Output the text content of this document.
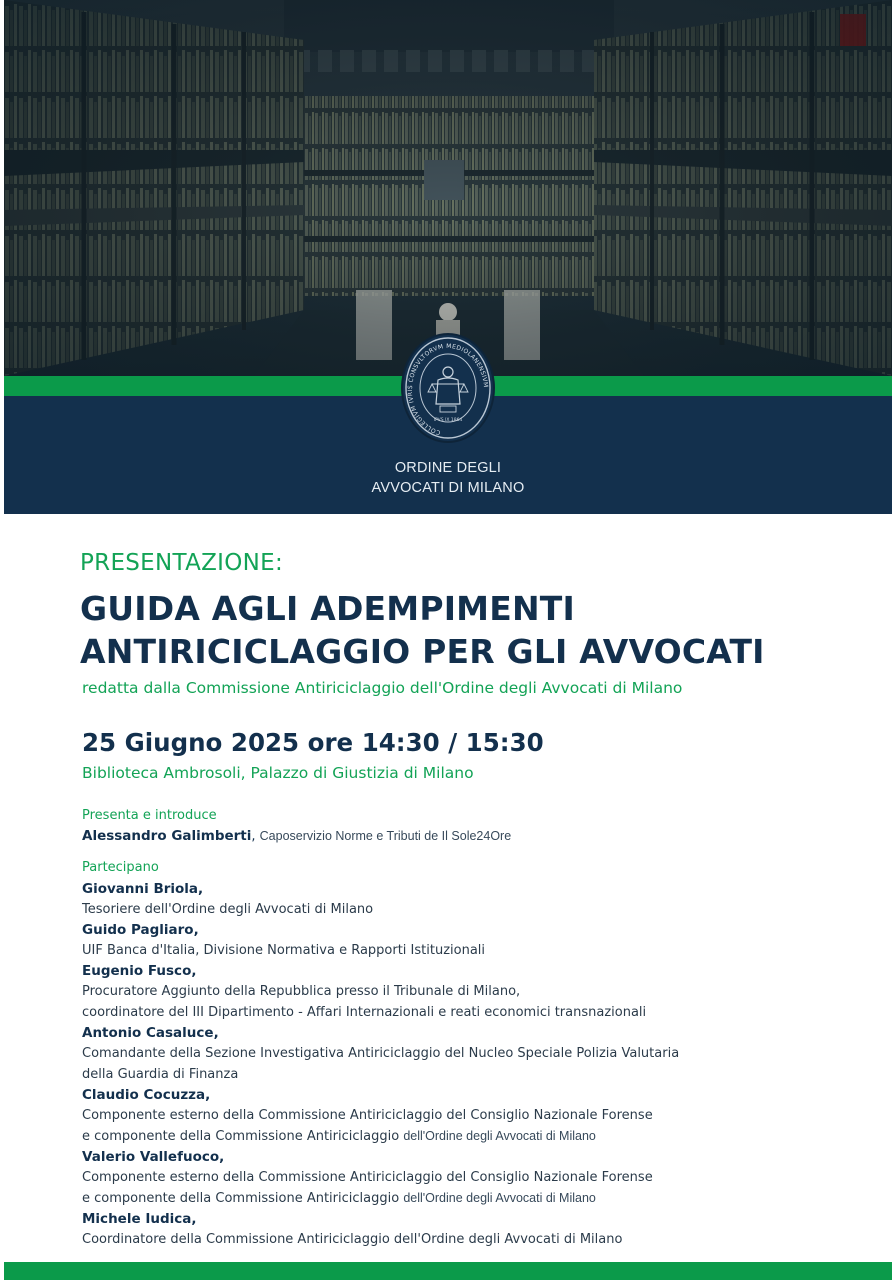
COLLEGIVM IVRIS CONSVLTORVM MEDIOLANENSIVM
IPVS IX 1864
ORDINE DEGLI
AVVOCATI DI MILANO
PRESENTAZIONE:
GUIDA AGLI ADEMPIMENTI
ANTIRICICLAGGIO PER GLI AVVOCATI
redatta dalla Commissione Antiriciclaggio dell'Ordine degli Avvocati di Milano
25 Giugno 2025 ore 14:30 / 15:30
Biblioteca Ambrosoli, Palazzo di Giustizia di Milano
Presenta e introduce
Alessandro Galimberti, Caposervizio Norme e Tributi de Il Sole24Ore
Partecipano
Giovanni Briola,
Tesoriere dell'Ordine degli Avvocati di Milano
Guido Pagliaro,
UIF Banca d'Italia, Divisione Normativa e Rapporti Istituzionali
Eugenio Fusco,
Procuratore Aggiunto della Repubblica presso il Tribunale di Milano,
coordinatore del III Dipartimento - Affari Internazionali e reati economici transnazionali
Antonio Casaluce,
Comandante della Sezione Investigativa Antiriciclaggio del Nucleo Speciale Polizia Valutaria
della Guardia di Finanza
Claudio Cocuzza,
Componente esterno della Commissione Antiriciclaggio del Consiglio Nazionale Forense
e componente della Commissione Antiriciclaggio dell'Ordine degli Avvocati di Milano
Valerio Vallefuoco,
Componente esterno della Commissione Antiriciclaggio del Consiglio Nazionale Forense
e componente della Commissione Antiriciclaggio dell'Ordine degli Avvocati di Milano
Michele Iudica,
Coordinatore della Commissione Antiriciclaggio dell'Ordine degli Avvocati di Milano
